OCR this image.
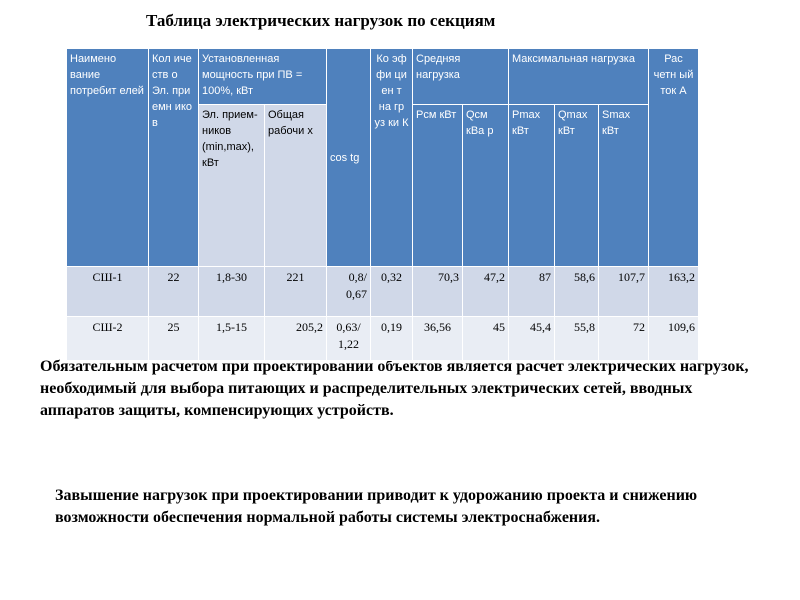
Таблица электрических нагрузок по секциям

Обязательным расчетом при проектировании объектов является расчет электрических нагрузок, необходимый для выбора питающих и распределительных электрических сетей, вводных аппаратов защиты, компенсирующих устройств.

Наимено вание потребит елей	Кол иче ств о Эл. при емн ико в	Установленная мощность при ПВ = 100%, кВт		cos tg	Ко эф фи ци ен т на гр уз ки К	Средняя нагрузка		Максимальная нагрузка			Рас четн ый ток А
		Эл. прием- ников (min,max), кВт	Общая рабочи х			Pсм кВт	Qсм кВа р	Pmax кВт	Qmax кВт	Smax кВт	
СШ-1	22	1,8-30	221	0,8/ 0,67	0,32	70,3	47,2	87	58,6	107,7	163,2
СШ-2	25	1,5-15	205,2	0,63/ 1,22	0,19	36,56	45	45,4	55,8	72	109,6

Завышение нагрузок при проектировании приводит к удорожанию проекта и снижению возможности обеспечения нормальной работы системы электроснабжения.
